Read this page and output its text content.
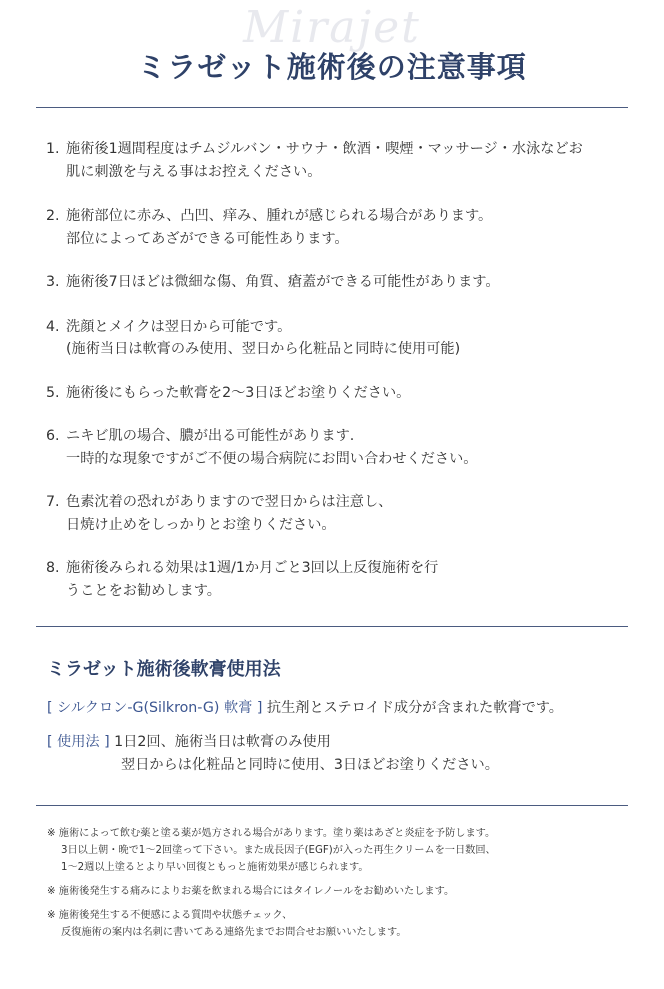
Mirajet
ミラゼット施術後の注意事項
1. 施術後1週間程度はチムジルバン・サウナ・飲酒・喫煙・マッサージ・水泳などお
肌に刺激を与える事はお控えください。
2. 施術部位に赤み、凸凹、痒み、腫れが感じられる場合があります。
部位によってあざができる可能性あります。
3. 施術後7日ほどは微細な傷、角質、瘡蓋ができる可能性があります。
4. 洗顔とメイクは翌日から可能です。
(施術当日は軟膏のみ使用、翌日から化粧品と同時に使用可能)
5. 施術後にもらった軟膏を2～3日ほどお塗りください。
6. ニキビ肌の場合、膿が出る可能性があります.
一時的な現象ですがご不便の場合病院にお問い合わせください。
7. 色素沈着の恐れがありますので翌日からは注意し、
日焼け止めをしっかりとお塗りください。
8. 施術後みられる効果は1週/1か月ごと3回以上反復施術を行
うことをお勧めします。
ミラゼット施術後軟膏使用法
[ シルクロン-G(Silkron-G) 軟膏 ] 抗生剤とステロイド成分が含まれた軟膏です。
[ 使用法 ] 1日2回、施術当日は軟膏のみ使用
翌日からは化粧品と同時に使用、3日ほどお塗りください。
※ 施術によって飲む薬と塗る薬が処方される場合があります。塗り薬はあざと炎症を予防します。
3日以上朝・晩で1～2回塗って下さい。また成長因子(EGF)が入った再生クリームを一日数回、
1～2週以上塗るとより早い回復ともっと施術効果が感じられます。
※ 施術後発生する痛みによりお薬を飲まれる場合にはタイレノールをお勧めいたします。
※ 施術後発生する不便感による質問や状態チェック、
反復施術の案内は名刺に書いてある連絡先までお問合せお願いいたします。
